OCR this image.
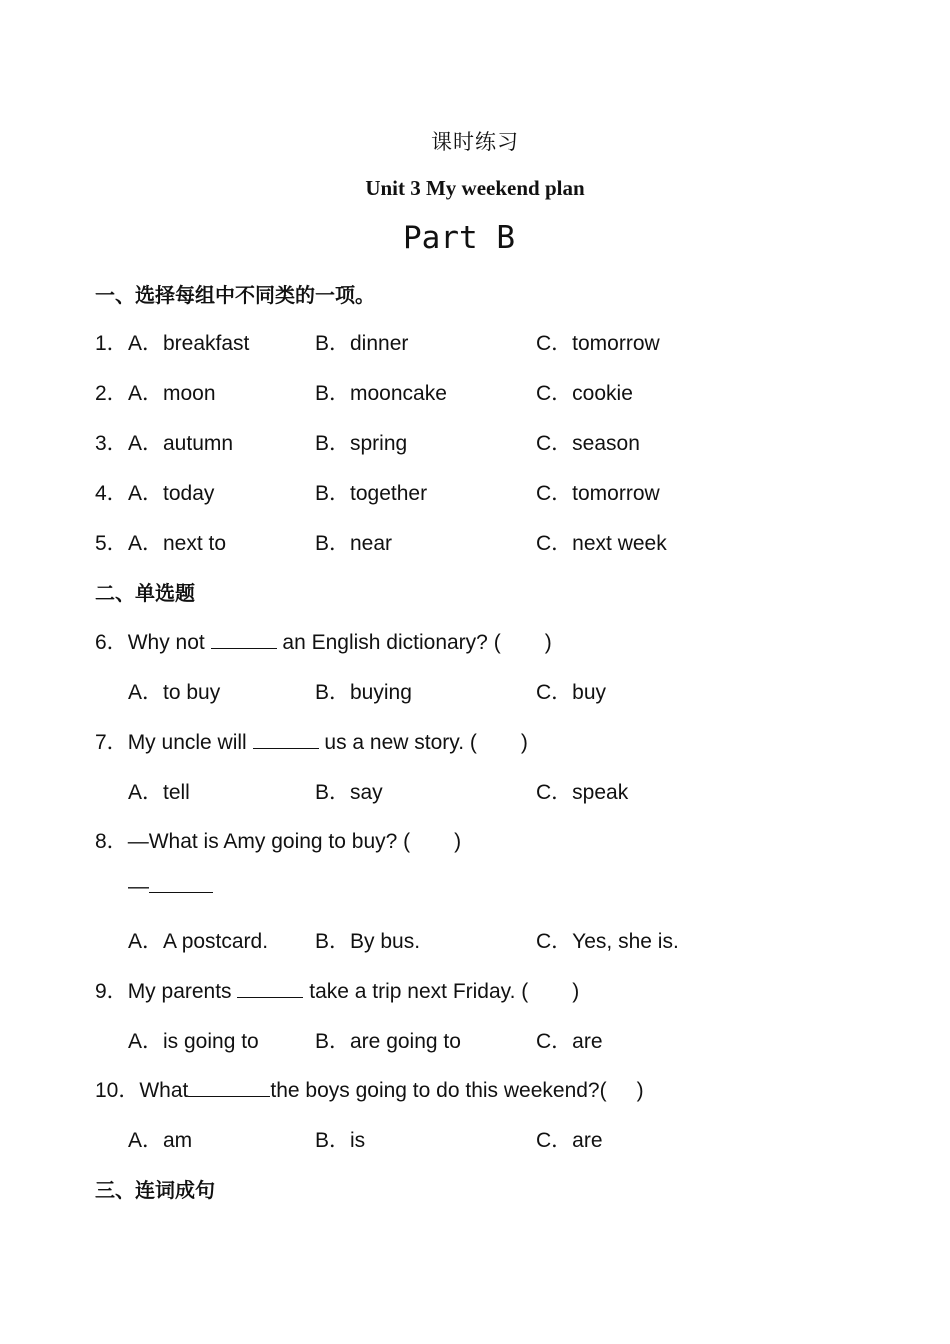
课时练习
Unit 3 My weekend plan
Part B
一、选择每组中不同类的一项。
1． A．breakfast	B．dinner	C．tomorrow
2． A．moon	B．mooncake	C．cookie
3． A．autumn	B．spring	C．season
4． A．today	B．together	C．tomorrow
5． A．next to	B．near	C．next week
二、单选题
6．Why not	an English dictionary? ( )
A．to buy	B．buying	C．buy
7．My uncle will	us a new story. ( )
A．tell	B．say	C．speak
8．—What is Amy going to buy? ( )
—
A．A postcard. B．By bus.	C．Yes, she is.
9．My parents	take a trip next Friday. ( )
A．is going to	B．are going to	C．are
10．What	the boys going to do this weekend?( )
A．am	B．is	C．are
三、连词成句
